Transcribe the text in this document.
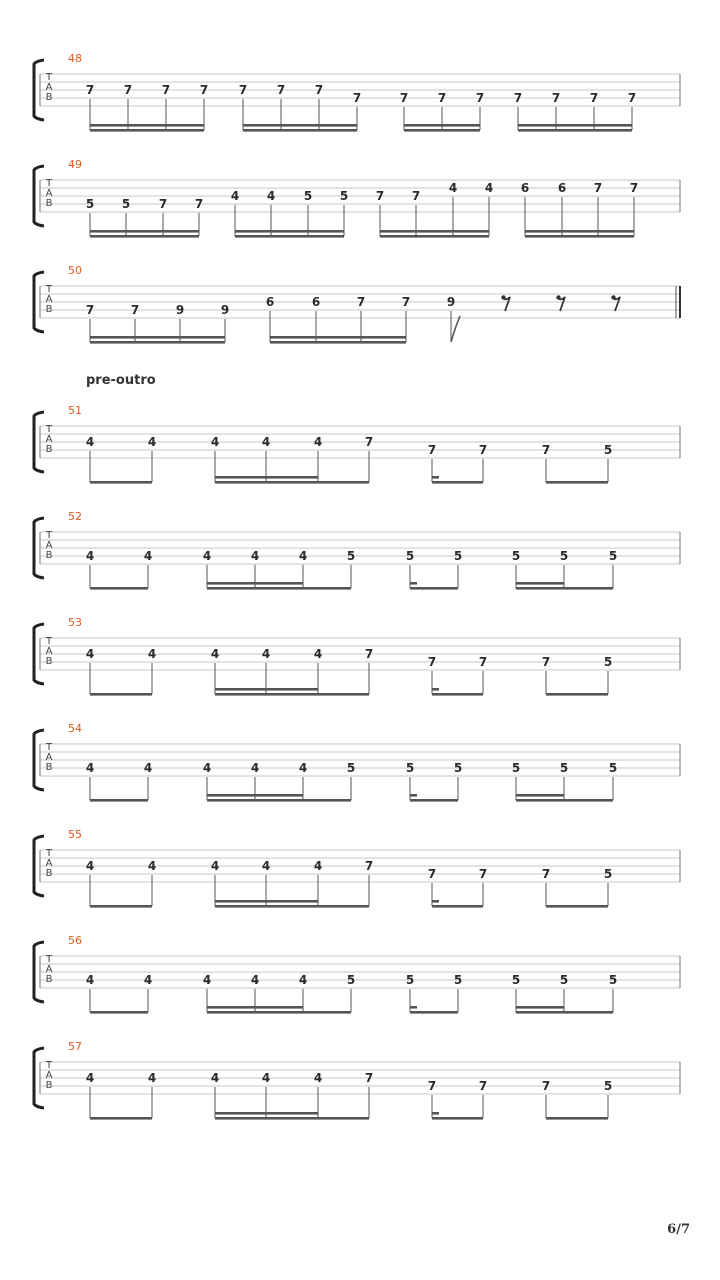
T
A
B
48
7 7 7 7	7 7 7
7	7 7 7 7 7 7 7
T
A
B
49
5 5 7 7
4 4 5 5 7 7
4 4 6 6 7 7
T
A
B
50
7	7	9	9
6	6	7	7	9
T
A
B
51
4	4	4	4	4	7
7	7	7	5
T
A
B
52
4	4	4	4	4	5	5	5	5	5	5
T
A
B
53
4	4	4	4	4	7
7	7	7	5
T
A
B
54
4	4	4	4	4	5	5	5	5	5	5
T
A
B
55
4	4	4	4	4	7
7	7	7	5
T
A
B
56
4	4	4	4	4	5	5	5	5	5	5
T
A
B
57
4	4	4	4	4	7
7	7	7	5

pre-outro

6/7
